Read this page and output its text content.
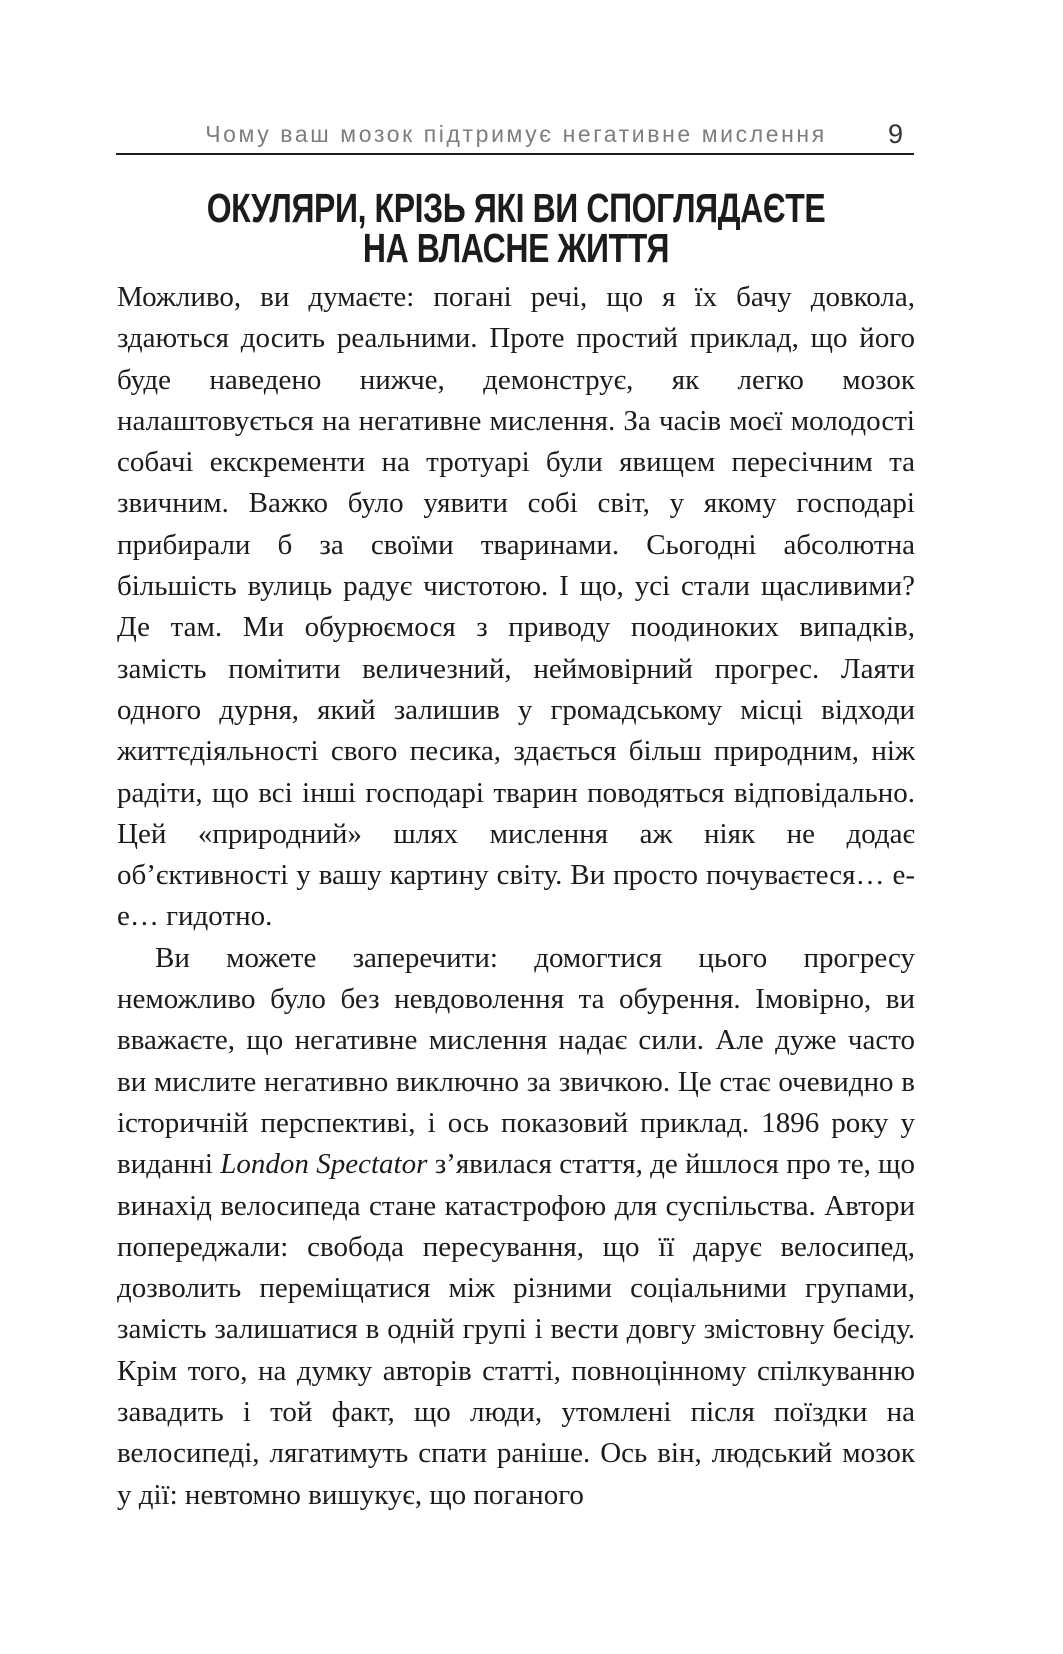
Чому ваш мозок підтримує негативне мислення	9
ОКУЛЯРИ, КРІЗЬ ЯКІ ВИ СПОГЛЯДАЄТЕ
НА ВЛАСНЕ ЖИТТЯ

Можливо, ви думаєте: погані речі, що я їх бачу довкола, здаються досить реальними. Проте простий приклад, що його буде наведено нижче, демонструє, як легко мозок налаштовується на негативне мислення. За часів моєї молодості собачі екскременти на тротуарі були явищем пересічним та звичним. Важко було уявити собі світ, у якому господарі прибирали б за своїми тваринами. Сьогодні абсолютна більшість вулиць радує чистотою. І що, усі стали щасливими? Де там. Ми обурюємося з приводу поодиноких випадків, замість помітити величезний, неймовірний прогрес. Лаяти одного дурня, який залишив у громадському місці відходи життєдіяльності свого песика, здається більш природним, ніж радіти, що всі інші господарі тварин поводяться відповідально. Цей «природний» шлях мислення аж ніяк не додає об’єктивності у вашу картину світу. Ви просто почуваєтеся… е-е… гидотно.

Ви можете заперечити: домогтися цього прогресу неможливо було без невдоволення та обурення. Імовірно, ви вважаєте, що негативне мислення надає сили. Але дуже часто ви мислите негативно виключно за звичкою. Це стає очевидно в історичній перспективі, і ось показовий приклад. 1896 року у виданні London Spectator з’явилася стаття, де йшлося про те, що винахід велосипеда стане катастрофою для суспільства. Автори попереджали: свобода пересування, що її дарує велосипед, дозволить переміщатися між різними соціальними групами, замість залишатися в одній групі і вести довгу змістовну бесіду. Крім того, на думку авторів статті, повноцінному спілкуванню завадить і той факт, що люди, утомлені після поїздки на велосипеді, лягатимуть спати раніше. Ось він, людський мозок у дії: невтомно вишукує, що поганого
